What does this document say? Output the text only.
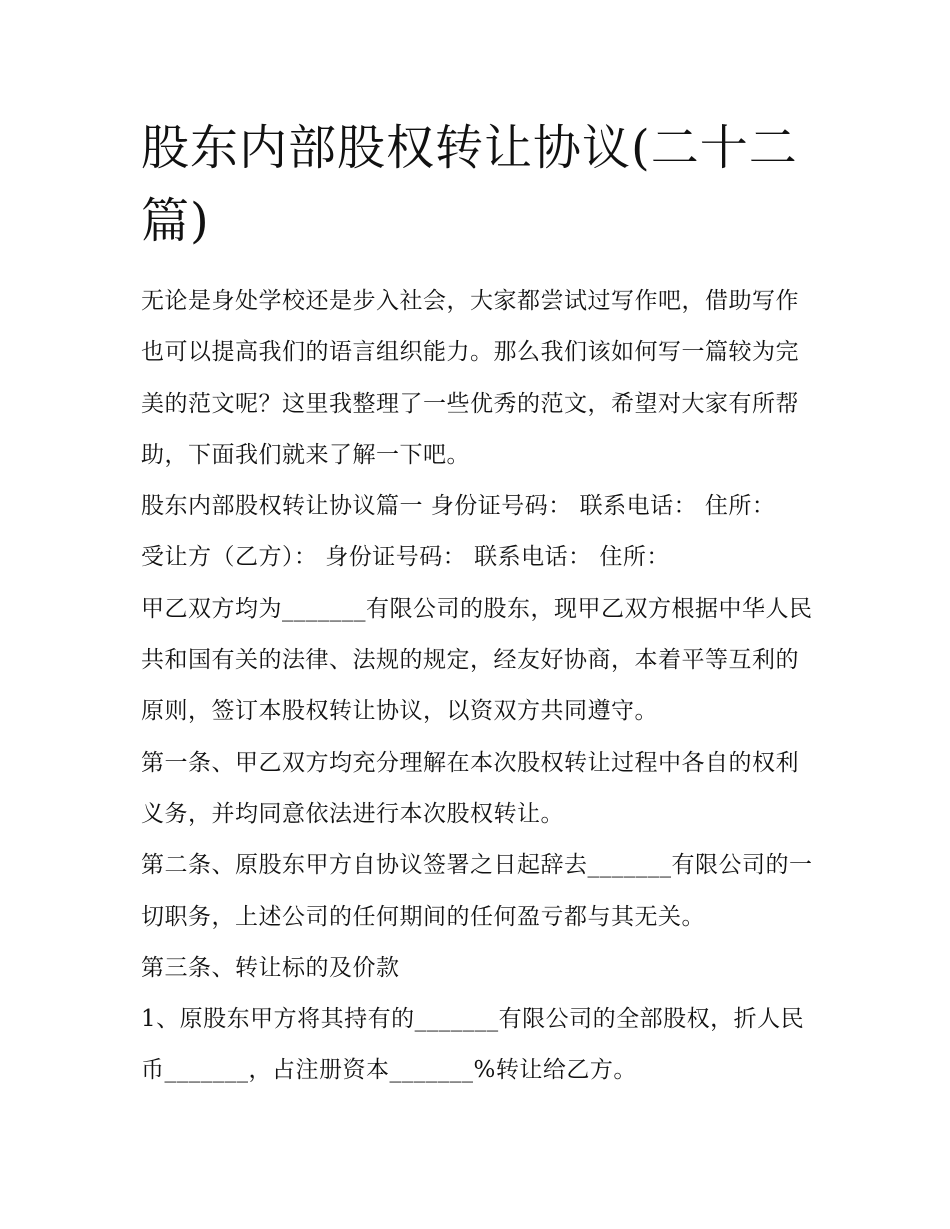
股东内部股权转让协议(二十二篇)

无论是身处学校还是步入社会，大家都尝试过写作吧，借助写作也可以提高我们的语言组织能力。那么我们该如何写一篇较为完美的范文呢？这里我整理了一些优秀的范文，希望对大家有所帮助，下面我们就来了解一下吧。

股东内部股权转让协议篇一 身份证号码： 联系电话： 住所：

受让方（乙方）： 身份证号码： 联系电话： 住所：

甲乙双方均为_______有限公司的股东，现甲乙双方根据中华人民共和国有关的法律、法规的规定，经友好协商，本着平等互利的原则，签订本股权转让协议，以资双方共同遵守。

第一条、甲乙双方均充分理解在本次股权转让过程中各自的权利义务，并均同意依法进行本次股权转让。

第二条、原股东甲方自协议签署之日起辞去_______有限公司的一切职务，上述公司的任何期间的任何盈亏都与其无关。

第三条、转让标的及价款

1、原股东甲方将其持有的_______有限公司的全部股权，折人民币_______，占注册资本_______%转让给乙方。
